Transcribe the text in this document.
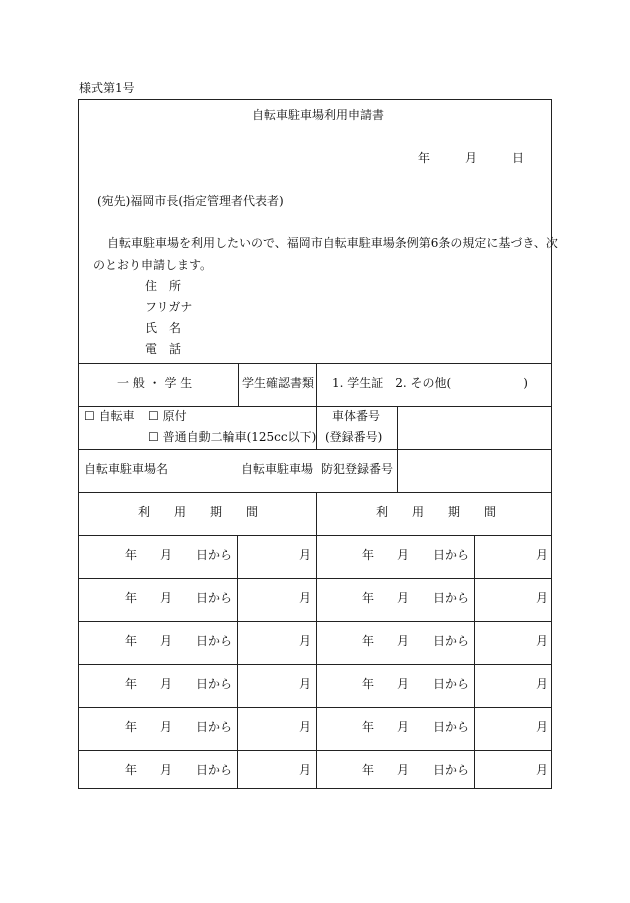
様式第1号
自転車駐車場利用申請書
年	月	日
(宛先)福岡市長(指定管理者代表者)
自転車駐車場を利用したいので、福岡市自転車駐車場条例第6条の規定に基づき、次
のとおり申請します。
住　所
フリガナ
氏　名
電　話
一 般 ・ 学 生	学生確認書類 1. 学生証　2. その他(　　　　　　)
☐ 自転車 ☐ 原付
☐ 普通自動二輪車(125cc以下)
車体番号
(登録番号)
自転車駐車場名	自転車駐車場 防犯登録番号
利　　用　　期　　間	利　　用　　期　　間
年 月 日から	月	年 月 日から	月
年 月 日から	月	年 月 日から	月
年 月 日から	月	年 月 日から	月
年 月 日から	月	年 月 日から	月
年 月 日から	月	年 月 日から	月
年 月 日から	月	年 月 日から	月
